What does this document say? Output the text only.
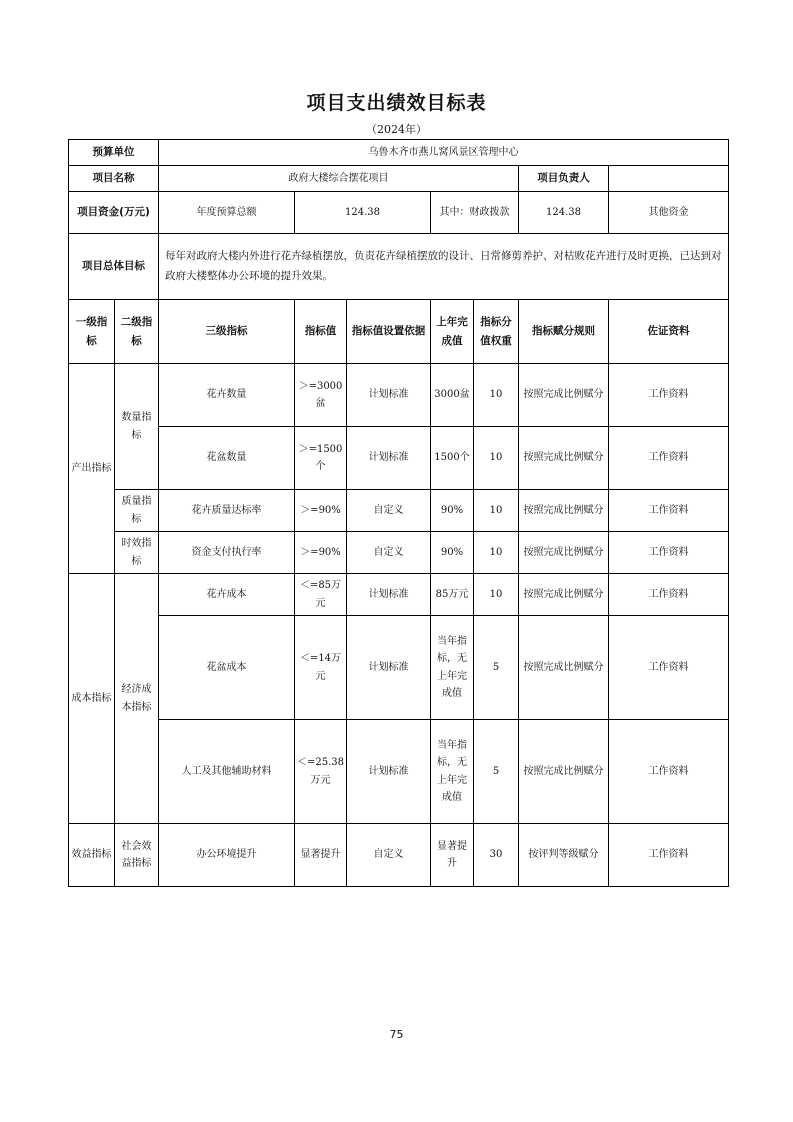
项目支出绩效目标表
（2024年）
预算单位		乌鲁木齐市燕儿窝风景区管理中心						
项目名称		政府大楼综合摆花项目					项目负责人	
项目资金(万元)		年度预算总额	124.38		其中：财政拨款		124.38	其他资金
项目总体目标		每年对政府大楼内外进行花卉绿植摆放，负责花卉绿植摆放的设计、日常修剪养护、对枯败花卉进行及时更换，已达到对政府大楼整体办公环境的提升效果。						
一级指标	二级指标	三级指标	指标值	指标值设置依据	上年完成值	指标分值权重	指标赋分规则	佐证资料
产出指标	数量指标	花卉数量	＞=3000盆	计划标准	3000盆	10	按照完成比例赋分	工作资料
		花盆数量	＞=1500个	计划标准	1500个	10	按照完成比例赋分	工作资料
	质量指标	花卉质量达标率	＞=90%	自定义	90%	10	按照完成比例赋分	工作资料
	时效指标	资金支付执行率	＞=90%	自定义	90%	10	按照完成比例赋分	工作资料
成本指标	经济成本指标	花卉成本	＜=85万元	计划标准	85万元	10	按照完成比例赋分	工作资料
		花盆成本	＜=14万元	计划标准	当年指标，无上年完成值	5	按照完成比例赋分	工作资料
		人工及其他辅助材料	＜=25.38万元	计划标准	当年指标，无上年完成值	5	按照完成比例赋分	工作资料
效益指标	社会效益指标	办公环境提升	显著提升	自定义	显著提升	30	按评判等级赋分	工作资料
75
